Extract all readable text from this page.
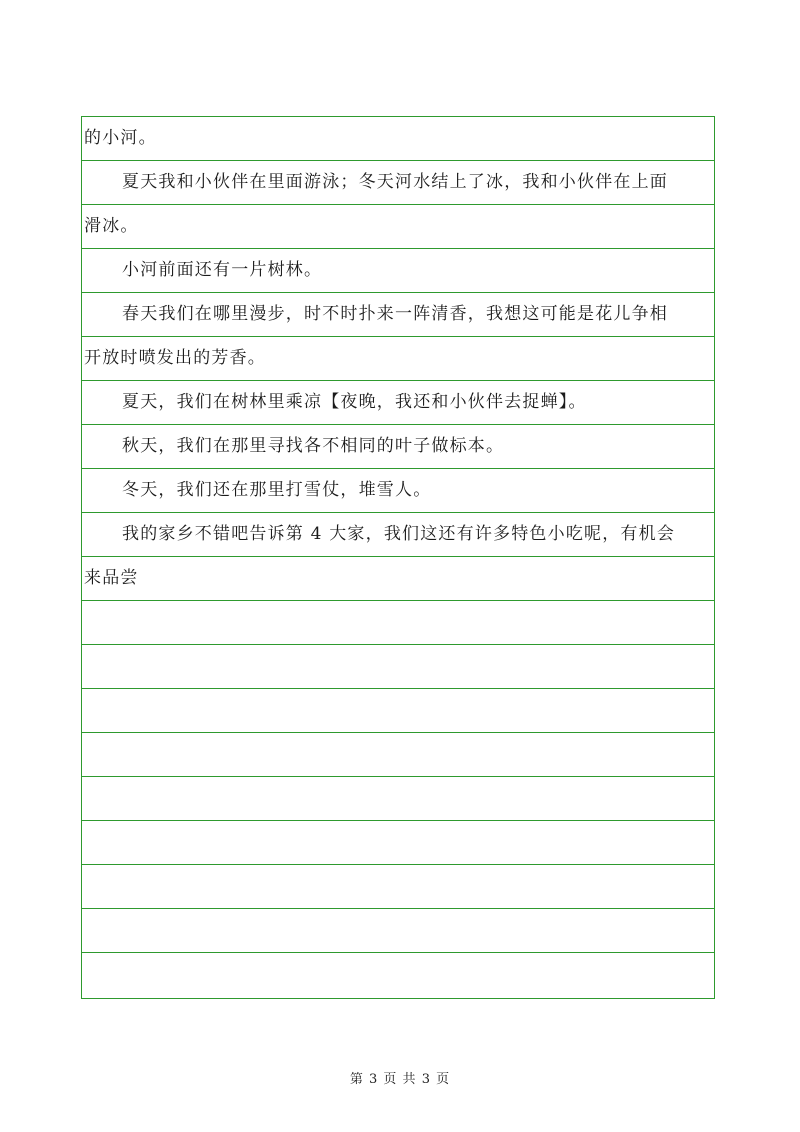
的小河。
夏天我和小伙伴在里面游泳；冬天河水结上了冰，我和小伙伴在上面
滑冰。
小河前面还有一片树林。
春天我们在哪里漫步，时不时扑来一阵清香，我想这可能是花儿争相
开放时喷发出的芳香。
夏天，我们在树林里乘凉【夜晚，我还和小伙伴去捉蝉】。
秋天，我们在那里寻找各不相同的叶子做标本。
冬天，我们还在那里打雪仗，堆雪人。
我的家乡不错吧告诉第 4 大家，我们这还有许多特色小吃呢，有机会
来品尝
第 3 页 共 3 页
